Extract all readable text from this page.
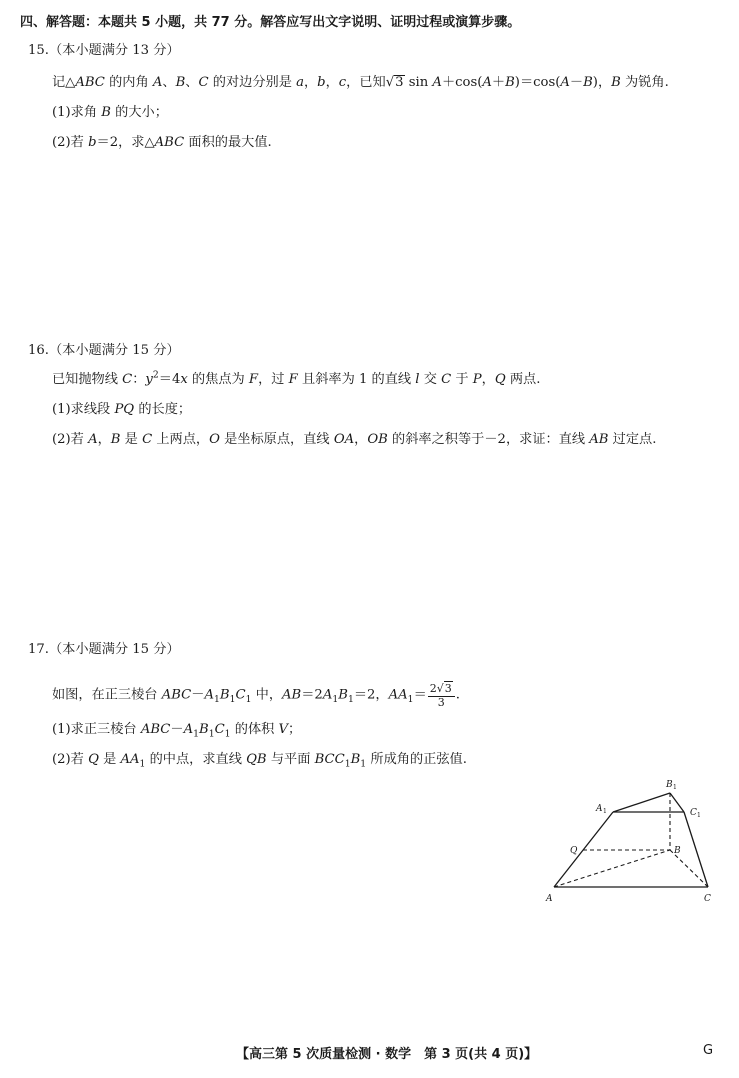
四、解答题：本题共 5 小题，共 77 分。解答应写出文字说明、证明过程或演算步骤。
15.（本小题满分 13 分）
记△ABC 的内角 A、B、C 的对边分别是 a，b，c，已知√3 sin A＋cos(A＋B)＝cos(A－B)，B 为锐角.
(1)求角 B 的大小；
(2)若 b＝2，求△ABC 面积的最大值.
16.（本小题满分 15 分）
已知抛物线 C：$y^2=4x$ 的焦点为 F，过 F 且斜率为 1 的直线 l 交 C 于 P，Q 两点.
(1)求线段 PQ 的长度；
(2)若 A，B 是 C 上两点，O 是坐标原点，直线 OA，OB 的斜率之积等于－2，求证：直线 AB 过定点.
17.（本小题满分 15 分）
如图，在正三棱台 $ABC-A_1B_1C_1$ 中，$AB=2A_1B_1=2$，$AA_1= \frac{2√3}{3}$ .
(1)求正三棱台 $ABC-A_1B_1C_1$ 的体积 V；
(2)若 Q 是 $AA_1$ 的中点，求直线 QB 与平面 $BCC_1B_1$ 所成角的正弦值.
A	C
B
Q
A 1
B 1
C 1
【高三第 5 次质量检测 · 数学　第 3 页(共 4 页)】	G
